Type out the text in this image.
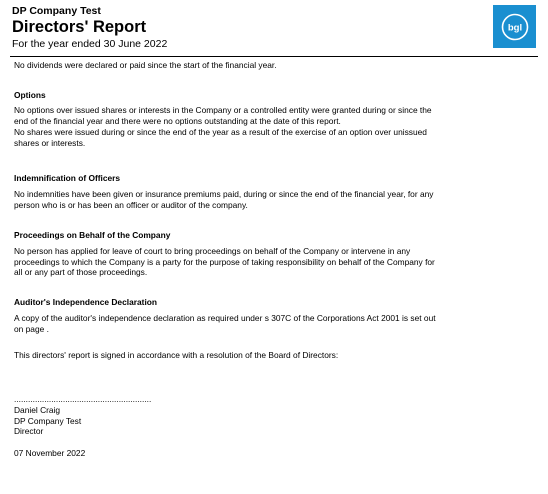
DP Company Test
Directors' Report
For the year ended 30 June 2022
bgl

No dividends were declared or paid since the start of the financial year.

Options

No options over issued shares or interests in the Company or a controlled entity were granted during or since the end of the financial year and there were no options outstanding at the date of this report.

No shares were issued during or since the end of the year as a result of the exercise of an option over unissued shares or interests.

Indemnification of Officers

No indemnities have been given or insurance premiums paid, during or since the end of the financial year, for any person who is or has been an officer or auditor of the company.

Proceedings on Behalf of the Company

No person has applied for leave of court to bring proceedings on behalf of the Company or intervene in any proceedings to which the Company is a party for the purpose of taking responsibility on behalf of the Company for all or any part of those proceedings.

Auditor's Independence Declaration

A copy of the auditor's independence declaration as required under s 307C of the Corporations Act 2001 is set out on page .

This directors' report is signed in accordance with a resolution of the Board of Directors:

...........................................................

Daniel Craig

DP Company Test

Director

07 November 2022
